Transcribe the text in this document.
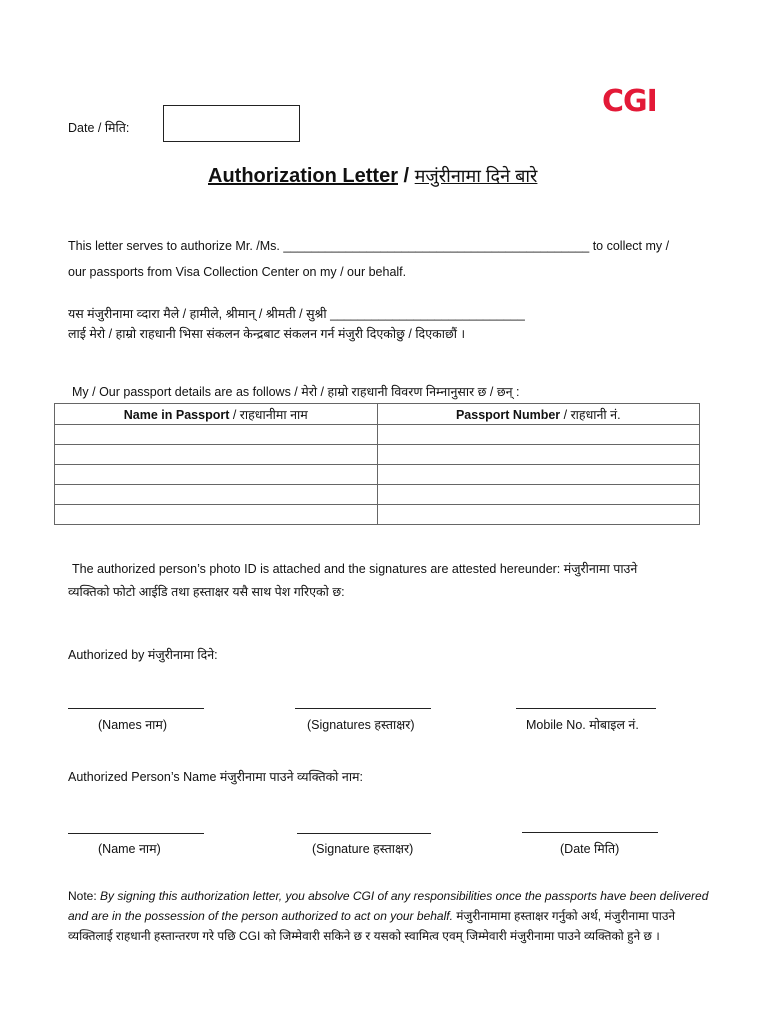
CGI
Date / मिति:
Authorization Letter / मजुंरीनामा दिने बारे
This letter serves to authorize Mr. /Ms. ____________________________________________ to collect my /
our passports from Visa Collection Center on my / our behalf.
यस मंजुरीनामा व्दारा मैले / हामीले, श्रीमान् / श्रीमती / सुश्री ____________________________
लाई मेरो / हाम्रो राहधानी भिसा संकलन केन्द्रबाट संकलन गर्न मंजुरी दिएकोछु / दिएकाछौं ।
My / Our passport details are as follows / मेरो / हाम्रो राहधानी विवरण निम्नानुसार छ / छन् :
Name in Passport / राहधानीमा नाम	Passport Number / राहधानी नं.

The authorized person’s photo ID is attached and the signatures are attested hereunder: मंजुरीनामा पाउने
व्यक्तिको फोटो आईडि तथा हस्ताक्षर यसै साथ पेश गरिएको छ:
Authorized by मंजुरीनामा दिने:
(Names नाम)	(Signatures हस्ताक्षर)	Mobile No. मोबाइल नं.
Authorized Person’s Name मंजुरीनामा पाउने व्यक्तिको नाम:
(Name नाम)	(Signature हस्ताक्षर)	(Date मिति)
Note: By signing this authorization letter, you absolve CGI of any responsibilities once the passports have been delivered and are in the possession of the person authorized to act on your behalf. मंजुरीनामामा हस्ताक्षर गर्नुको अर्थ, मंजुरीनामा पाउने व्यक्तिलाई राहधानी हस्तान्तरण गरे पछि CGI को जिम्मेवारी सकिने छ र यसको स्वामित्व एवम् जिम्मेवारी मंजुरीनामा पाउने व्यक्तिको हुने छ ।
